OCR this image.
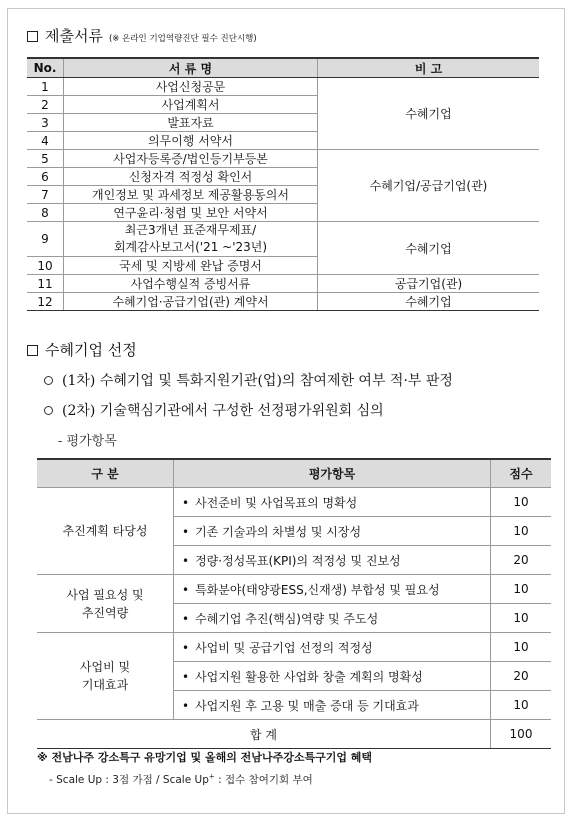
제출서류 (※ 온라인 기업역량진단 필수 진단시행)
No.	서 류 명	비 고
1	사업신청공문	수혜기업
2	사업계획서	
3	발표자료	
4	의무이행 서약서	
5	사업자등록증/법인등기부등본	수혜기업/공급기업(관)
6	신청자격 적정성 확인서	
7	개인정보 및 과세정보 제공활용동의서	
8	연구윤리·청렴 및 보안 서약서	
9	최근3개년 표준재무제표/
회계감사보고서('21 ~'23년)	수혜기업
10	국세 및 지방세 완납 증명서	
11	사업수행실적 증빙서류	공급기업(관)
12	수혜기업·공급기업(관) 계약서	수혜기업
수혜기업 선정
(1차) 수혜기업 및 특화지원기관(업)의 참여제한 여부 적·부 판정
(2차) 기술핵심기관에서 구성한 선정평가위원회 심의
- 평가항목
구 분	평가항목	점수
추진계획 타당성	• 사전준비 및 사업목표의 명확성	10
	• 기존 기술과의 차별성 및 시장성	10
	• 정량·정성목표(KPI)의 적정성 및 진보성	20
사업 필요성 및
추진역량	• 특화분야(태양광ESS,신재생) 부합성 및 필요성	10
	• 수혜기업 추진(핵심)역량 및 주도성	10
사업비 및
기대효과	• 사업비 및 공급기업 선정의 적정성	10
	• 사업지원 활용한 사업화 창출 계획의 명확성	20
	• 사업지원 후 고용 및 매출 증대 등 기대효과	10
합 계		100
※ 전남나주 강소특구 유망기업 및 올해의 전남나주강소특구기업 혜택
- Scale Up : 3점 가점 / Scale Up+ : 접수 참여기회 부여
